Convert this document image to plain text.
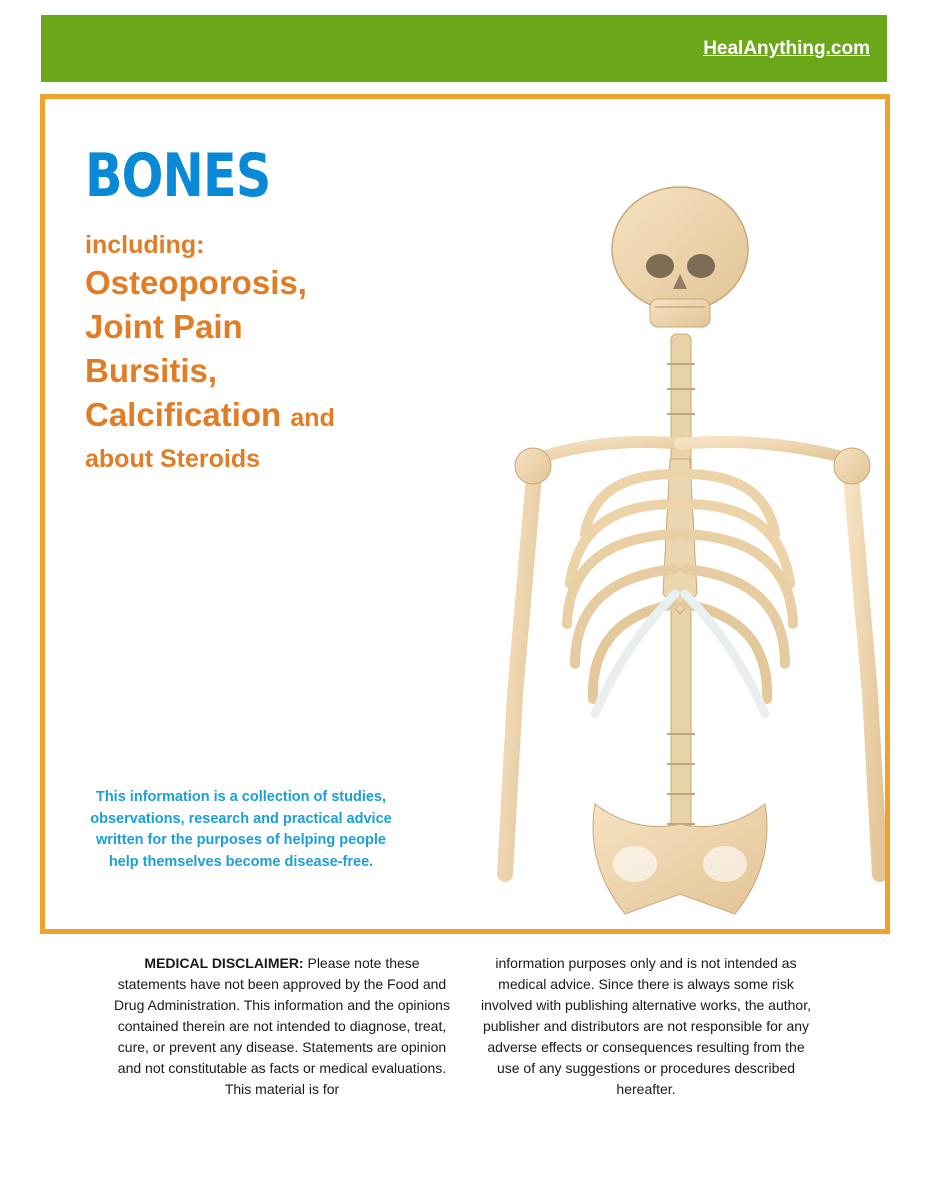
HealAnything.com
BONES
including:
Osteoporosis,
Joint Pain
Bursitis,
Calcification and
about Steroids

This information is a collection of studies, observations, research and practical advice written for the purposes of helping people help themselves become disease-free.

MEDICAL DISCLAIMER: Please note these statements have not been approved by the Food and Drug Administration. This information and the opinions contained therein are not intended to diagnose, treat, cure, or prevent any disease. Statements are opinion and not constitutable as facts or medical evaluations. This material is for

information purposes only and is not intended as medical advice. Since there is always some risk involved with publishing alternative works, the author, publisher and distributors are not responsible for any adverse effects or consequences resulting from the use of any suggestions or procedures described hereafter.
